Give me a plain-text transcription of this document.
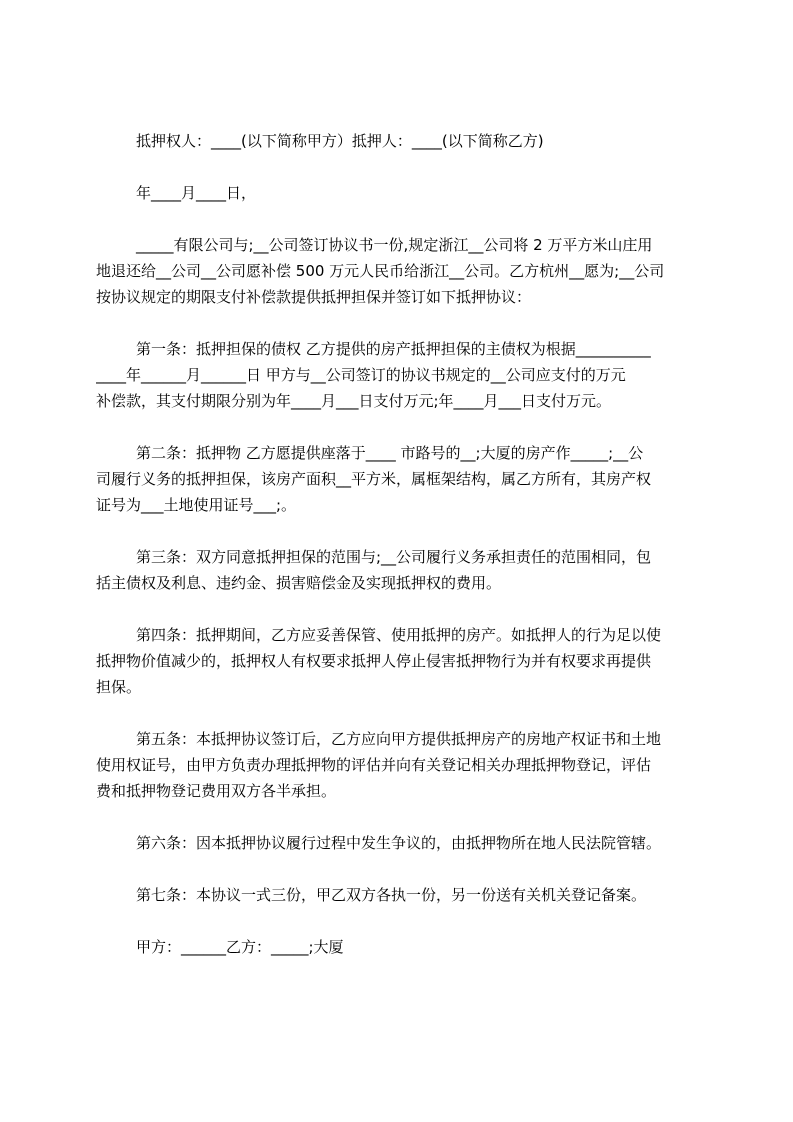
抵押权人：____(以下简称甲方）抵押人：____(以下简称乙方)
年____月____日，
_____有限公司与;__公司签订协议书一份,规定浙江__公司将 2 万平方米山庄用
地退还给__公司__公司愿补偿 500 万元人民币给浙江__公司。乙方杭州__愿为;__公司
按协议规定的期限支付补偿款提供抵押担保并签订如下抵押协议：
第一条：抵押担保的债权 乙方提供的房产抵押担保的主债权为根据__________
____年______月______日 甲方与__公司签订的协议书规定的__公司应支付的万元
补偿款，其支付期限分别为年____月___日支付万元;年____月___日支付万元。
第二条：抵押物 乙方愿提供座落于____ 市路号的__;大厦的房产作_____;__公
司履行义务的抵押担保，该房产面积__平方米，属框架结构，属乙方所有，其房产权
证号为___土地使用证号___;。
第三条：双方同意抵押担保的范围与;__公司履行义务承担责任的范围相同，包
括主债权及利息、违约金、损害赔偿金及实现抵押权的费用。
第四条：抵押期间，乙方应妥善保管、使用抵押的房产。如抵押人的行为足以使
抵押物价值减少的，抵押权人有权要求抵押人停止侵害抵押物行为并有权要求再提供
担保。
第五条：本抵押协议签订后，乙方应向甲方提供抵押房产的房地产权证书和土地
使用权证号，由甲方负责办理抵押物的评估并向有关登记相关办理抵押物登记，评估
费和抵押物登记费用双方各半承担。
第六条：因本抵押协议履行过程中发生争议的，由抵押物所在地人民法院管辖。
第七条：本协议一式三份，甲乙双方各执一份，另一份送有关机关登记备案。
甲方：______乙方：_____;大厦
